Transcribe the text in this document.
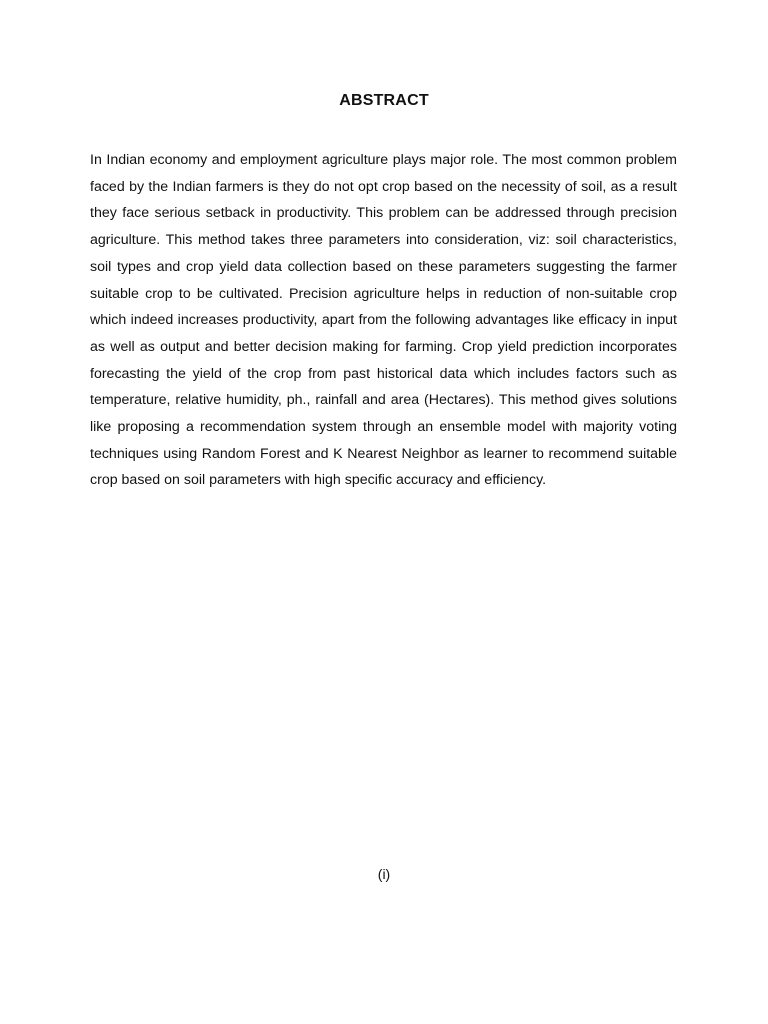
ABSTRACT

In Indian economy and employment agriculture plays major role. The most common problem faced by the Indian farmers is they do not opt crop based on the necessity of soil, as a result they face serious setback in productivity. This problem can be addressed through precision agriculture. This method takes three parameters into consideration, viz: soil characteristics, soil types and crop yield data collection based on these parameters suggesting the farmer suitable crop to be cultivated. Precision agriculture helps in reduction of non-suitable crop which indeed increases productivity, apart from the following advantages like efficacy in input as well as output and better decision making for farming. Crop yield prediction incorporates forecasting the yield of the crop from past historical data which includes factors such as temperature, relative humidity, ph., rainfall and area (Hectares). This method gives solutions like proposing a recommendation system through an ensemble model with majority voting techniques using Random Forest and K Nearest Neighbor as learner to recommend suitable crop based on soil parameters with high specific accuracy and efficiency.

(i)
